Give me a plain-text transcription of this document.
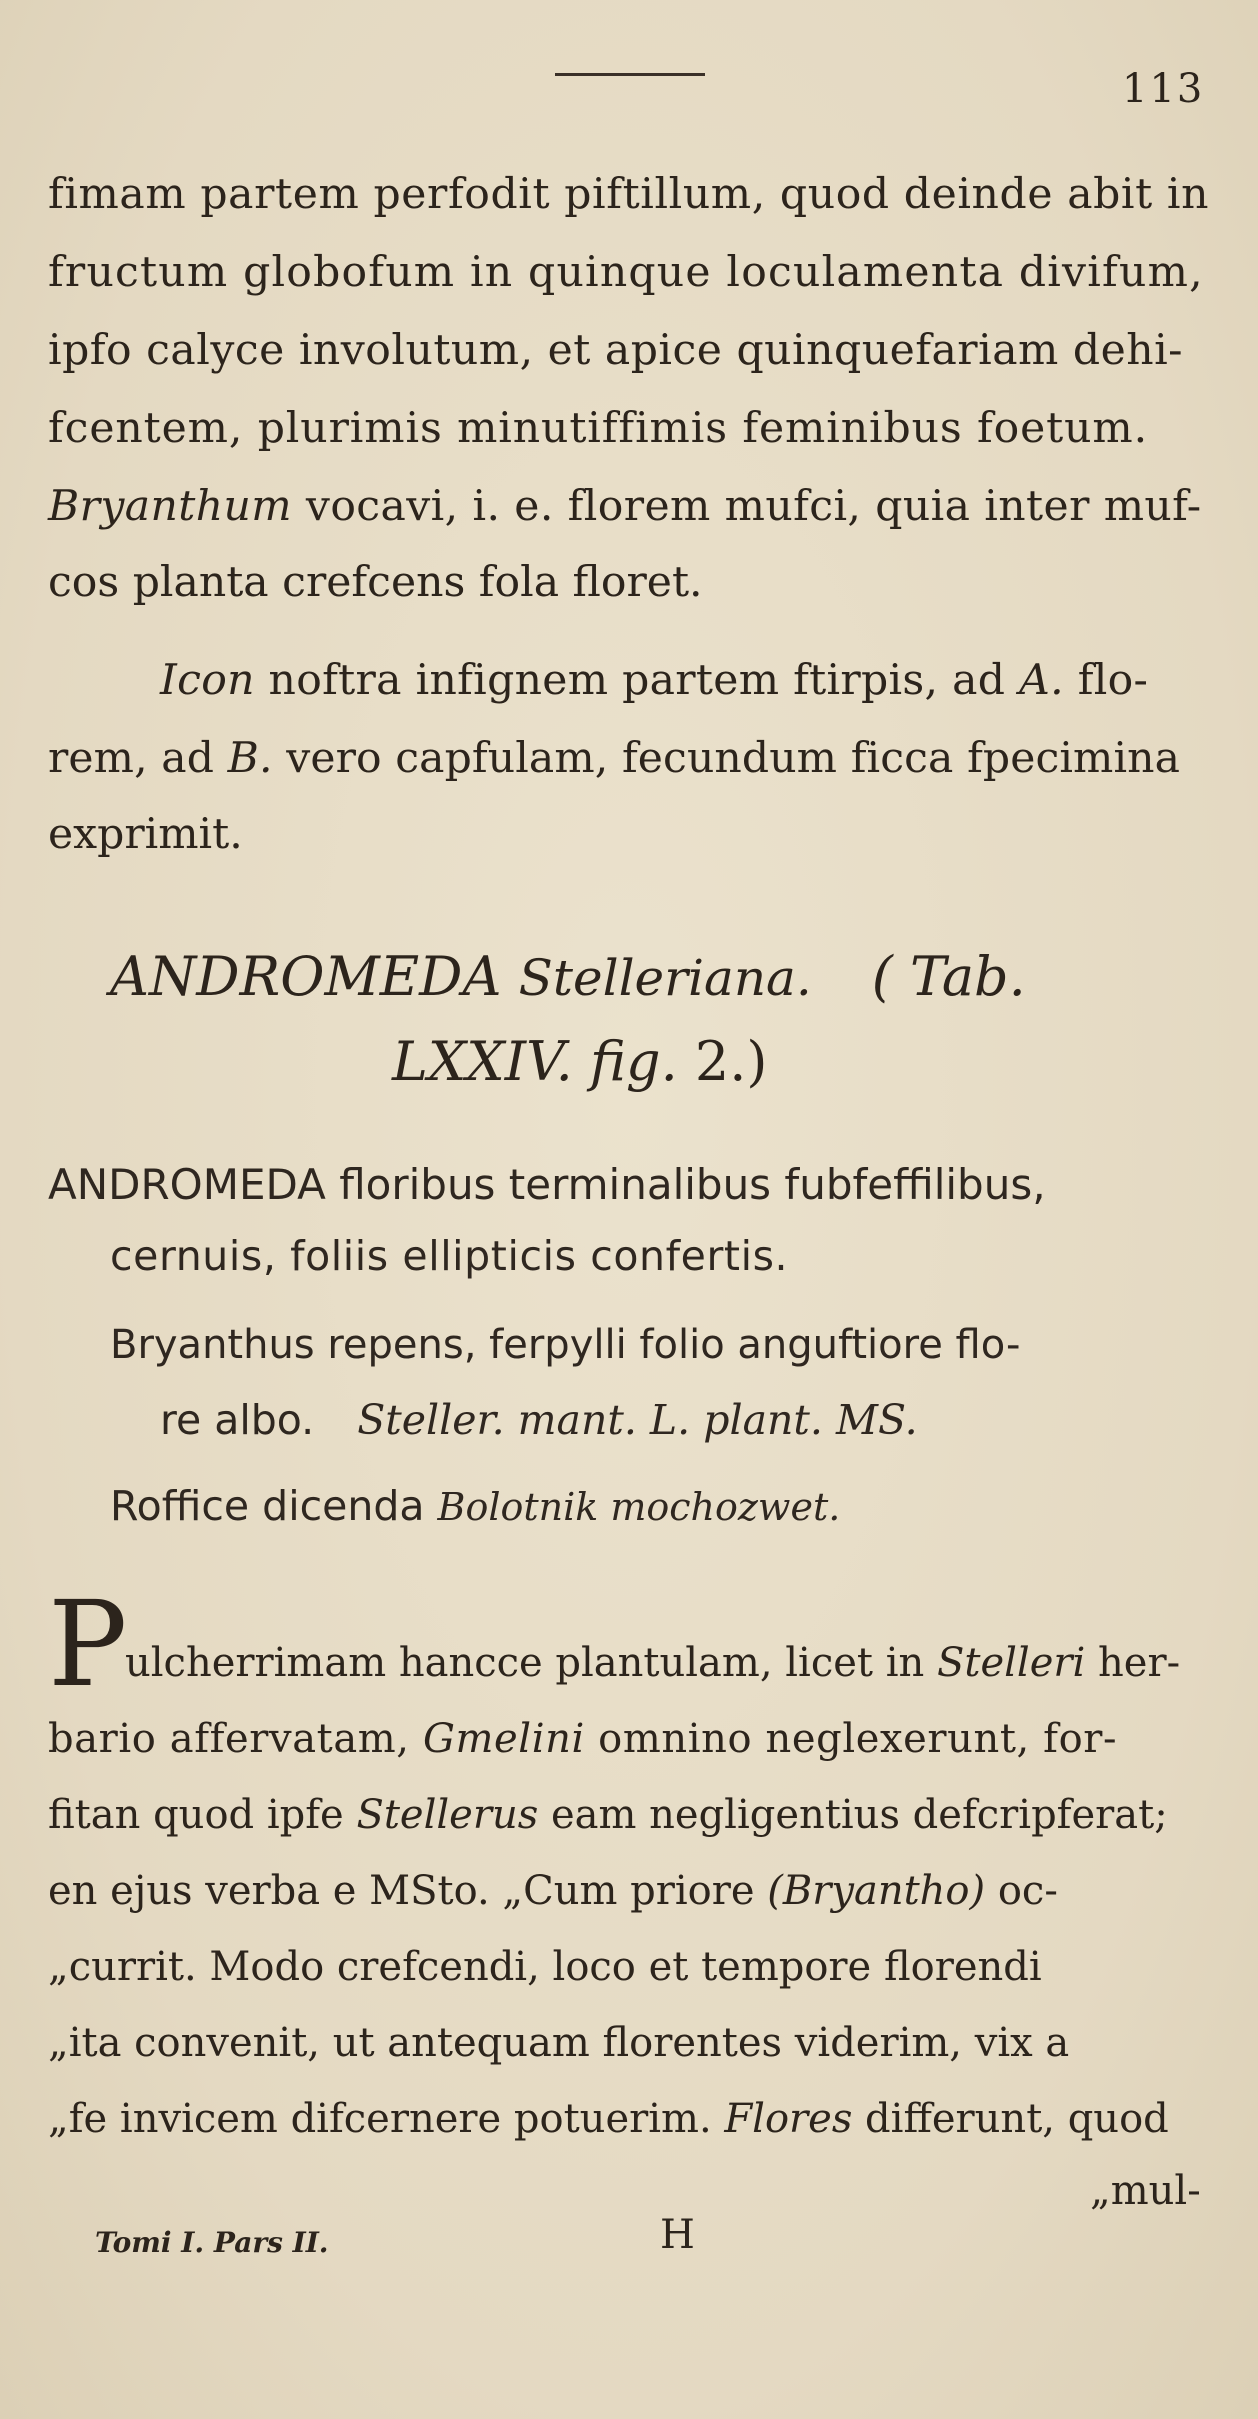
113
fimam partem perfodit piftillum, quod deinde abit in
fructum globofum in quinque loculamenta divifum,
ipfo calyce involutum, et apice quinquefariam dehi-
fcentem, plurimis minutiffimis feminibus foetum.
Bryanthum vocavi, i. e. florem mufci, quia inter muf-
cos planta crefcens fola floret.
Icon noftra infignem partem ftirpis, ad A. flo-
rem, ad B. vero capfulam, fecundum ficca fpecimina
exprimit.
ANDROMEDA Stelleriana. ( Tab.
LXXIV. fig. 2.)
ANDROMEDA floribus terminalibus fubfeffilibus,
cernuis, foliis ellipticis confertis.
Bryanthus repens, ferpylli folio anguftiore flo-
re albo. Steller. mant. L. plant. MS.
Roffice dicenda Bolotnik mochozwet.
P
ulcherrimam hancce plantulam, licet in Stelleri her-
bario affervatam, Gmelini omnino neglexerunt, for-
fitan quod ipfe Stellerus eam negligentius defcripferat;
en ejus verba e MSto. „Cum priore (Bryantho) oc-
„currit. Modo crefcendi, loco et tempore florendi
„ita convenit, ut antequam florentes viderim, vix a
„fe invicem difcernere potuerim. Flores differunt, quod
„mul-
Tomi I. Pars II.	H
